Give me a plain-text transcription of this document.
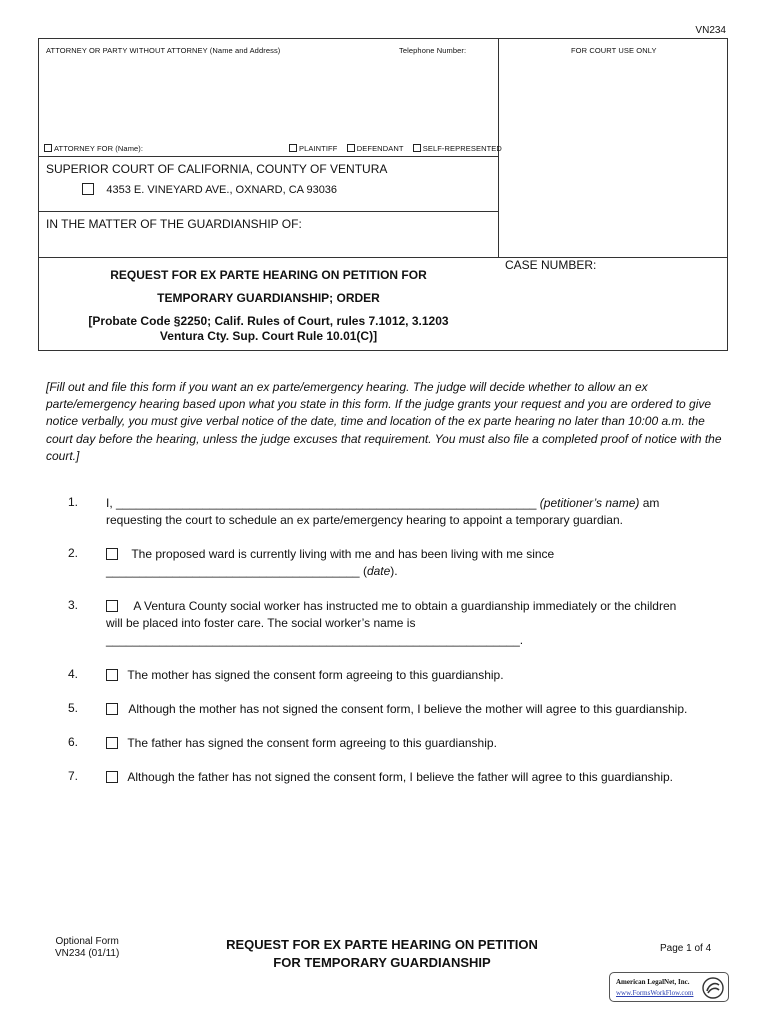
VN234
ATTORNEY OR PARTY WITHOUT ATTORNEY (Name and Address)	Telephone Number:	FOR COURT USE ONLY
ATTORNEY FOR (Name):	PLAINTIFF	DEFENDANT	SELF-REPRESENTED
SUPERIOR COURT OF CALIFORNIA, COUNTY OF VENTURA
4353 E. VINEYARD AVE., OXNARD, CA 93036
IN THE MATTER OF THE GUARDIANSHIP OF:
CASE NUMBER:
REQUEST FOR EX PARTE HEARING ON PETITION FOR
TEMPORARY GUARDIANSHIP; ORDER
[Probate Code §2250; Calif. Rules of Court, rules 7.1012, 3.1203
Ventura Cty. Sup. Court Rule 10.01(C)]
[Fill out and file this form if you want an ex parte/emergency hearing. The judge will decide whether to allow an ex parte/emergency hearing based upon what you state in this form. If the judge grants your request and you are ordered to give notice verbally, you must give verbal notice of the date, time and location of the ex parte hearing no later than 10:00 a.m. the court day before the hearing, unless the judge excuses that requirement. You must also file a completed proof of notice with the court.]
1. I, _______________________________________________________________ (petitioner’s name) am
requesting the court to schedule an ex parte/emergency hearing to appoint a temporary guardian.
2.	The proposed ward is currently living with me and has been living with me since
______________________________________ (date).
3.	A Ventura County social worker has instructed me to obtain a guardianship immediately or the children
will be placed into foster care. The social worker’s name is
______________________________________________________________.
4.	The mother has signed the consent form agreeing to this guardianship.
5.	Although the mother has not signed the consent form, I believe the mother will agree to this guardianship.
6.	The father has signed the consent form agreeing to this guardianship.
7.	Although the father has not signed the consent form, I believe the father will agree to this guardianship.
Optional Form
VN234 (01/11)
REQUEST FOR EX PARTE HEARING ON PETITION
FOR TEMPORARY GUARDIANSHIP
Page 1 of 4
American LegalNet, Inc.
www.FormsWorkFlow.com
